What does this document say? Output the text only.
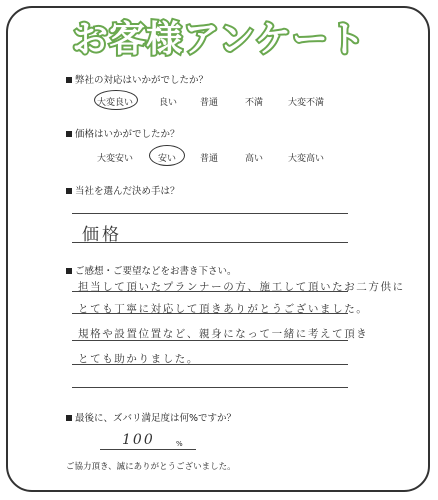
お客様アンケート
弊社の対応はいかがでしたか？
大変良い	良い	普通	不満	大変不満
価格はいかがでしたか？
大変安い	安い	普通	高い	大変高い
当社を選んだ決め手は？
価格
ご感想・ご要望などをお書き下さい。
担当して頂いたプランナーの方、施工して頂いたお二方供に
とても丁寧に対応して頂きありがとうございました。
規格や設置位置など、親身になって一緒に考えて頂き
とても助かりました。
最後に、ズバリ満足度は何%ですか？
100	%
ご協力頂き、誠にありがとうございました。
